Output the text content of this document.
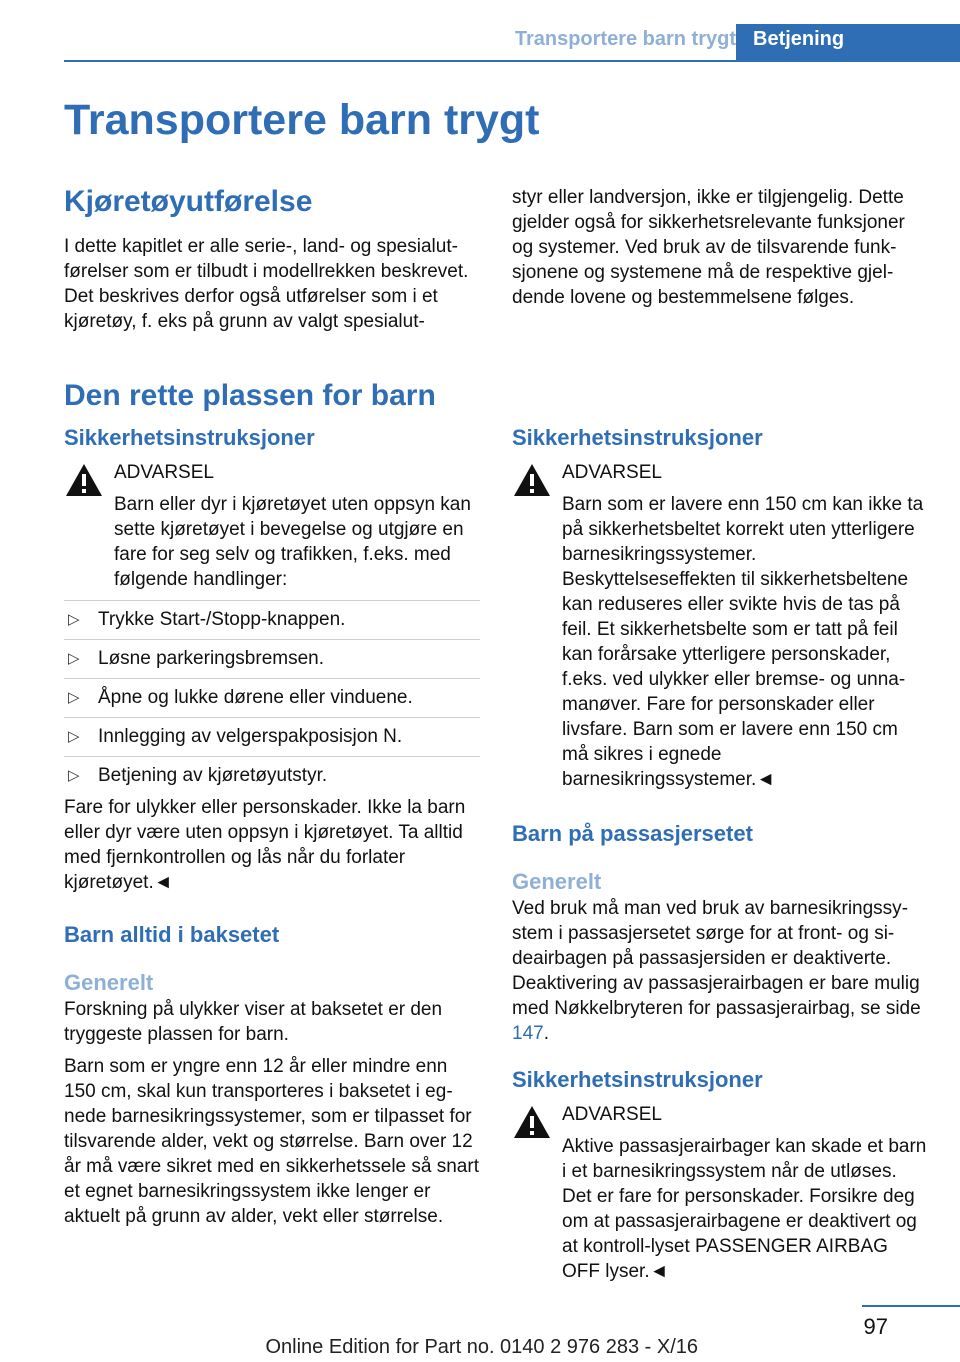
Transportere barn trygt Betjening
Transportere barn trygt
Kjøretøyutførelse

I dette kapitlet er alle serie-, land- og spesialutførelser som er tilbudt i modellrekken beskrevet. Det beskrives derfor også utførelser som i et kjøretøy, f. eks på grunn av valgt spesialut-

styr eller landversjon, ikke er tilgjengelig. Dette gjelder også for sikkerhetsrelevante funksjoner og systemer. Ved bruk av de tilsvarende funksjonene og systemene må de respektive gjeldende lovene og bestemmelsene følges.

Den rette plassen for barn
Sikkerhetsinstruksjoner
ADVARSEL

Barn eller dyr i kjøretøyet uten oppsyn kan sette kjøretøyet i bevegelse og utgjøre en fare for seg selv og trafikken, f.eks. med følgende handlinger:

▷ Trykke Start-/Stopp-knappen.
▷ Løsne parkeringsbremsen.
▷ Åpne og lukke dørene eller vinduene.
▷ Innlegging av velgerspakposisjon N.
▷ Betjening av kjøretøyutstyr.

Fare for ulykker eller personskader. Ikke la barn eller dyr være uten oppsyn i kjøretøyet. Ta alltid med fjernkontrollen og lås når du forlater kjøretøyet.◄

Barn alltid i baksetet
Generelt

Forskning på ulykker viser at baksetet er den tryggeste plassen for barn.

Barn som er yngre enn 12 år eller mindre enn 150 cm, skal kun transporteres i baksetet i egnede barnesikringssystemer, som er tilpasset for tilsvarende alder, vekt og størrelse. Barn over 12 år må være sikret med en sikkerhetssele så snart et egnet barnesikringssystem ikke lenger er aktuelt på grunn av alder, vekt eller størrelse.

Sikkerhetsinstruksjoner
ADVARSEL

Barn som er lavere enn 150 cm kan ikke ta på sikkerhetsbeltet korrekt uten ytterligere barnesikringssystemer. Beskyttelseseffekten til sikkerhetsbeltene kan reduseres eller svikte hvis de tas på feil. Et sikkerhetsbelte som er tatt på feil kan forårsake ytterligere personskader, f.eks. ved ulykker eller bremse- og unnamanøver. Fare for personskader eller livsfare. Barn som er lavere enn 150 cm må sikres i egnede barnesikringssystemer.◄

Barn på passasjersetet
Generelt

Ved bruk må man ved bruk av barnesikringssystem i passasjersetet sørge for at front- og sideairbagen på passasjersiden er deaktiverte. Deaktivering av passasjerairbagen er bare mulig med Nøkkelbryteren for passasjerairbag, se side 147.

Sikkerhetsinstruksjoner
ADVARSEL

Aktive passasjerairbager kan skade et barn i et barnesikringssystem når de utløses. Det er fare for personskader. Forsikre deg om at passasjerairbagene er deaktivert og at kontroll-lyset PASSENGER AIRBAG OFF lyser.◄

97
Online Edition for Part no. 0140 2 976 283 - X/16
